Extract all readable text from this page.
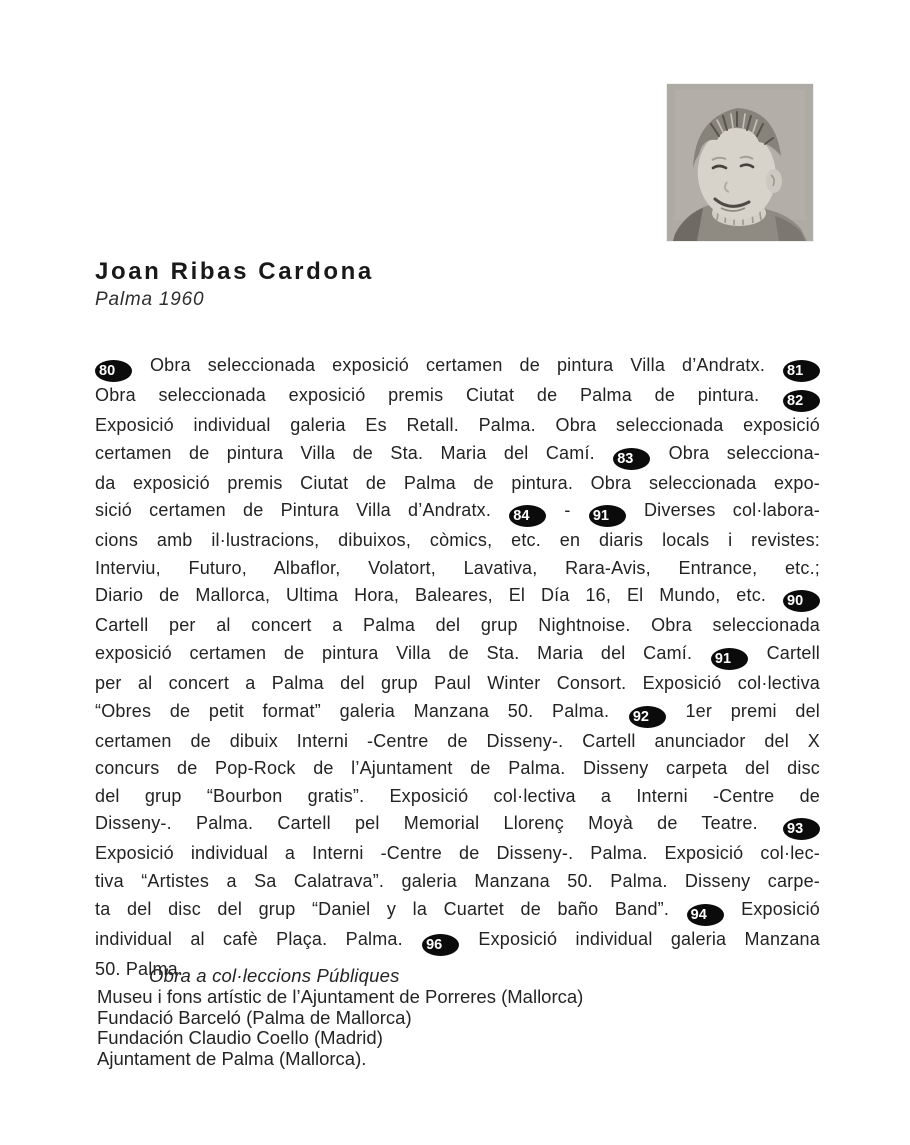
Joan Ribas Cardona
Palma 1960
80 Obra seleccionada exposició certamen de pintura Villa d’Andratx. 81
Obra seleccionada exposició premis Ciutat de Palma de pintura. 82
Exposició individual galeria Es Retall. Palma. Obra seleccionada exposició
certamen de pintura Villa de Sta. Maria del Camí. 83 Obra selecciona-
da exposició premis Ciutat de Palma de pintura. Obra seleccionada expo-
sició certamen de Pintura Villa d’Andratx. 84 - 91 Diverses col·labora-
cions amb il·lustracions, dibuixos, còmics, etc. en diaris locals i revistes:
Interviu, Futuro, Albaflor, Volatort, Lavativa, Rara-Avis, Entrance, etc.;
Diario de Mallorca, Ultima Hora, Baleares, El Día 16, El Mundo, etc. 90
Cartell per al concert a Palma del grup Nightnoise. Obra seleccionada
exposició certamen de pintura Villa de Sta. Maria del Camí. 91 Cartell
per al concert a Palma del grup Paul Winter Consort. Exposició col·lectiva
“Obres de petit format” galeria Manzana 50. Palma. 92 1er premi del
certamen de dibuix Interni -Centre de Disseny-. Cartell anunciador del X
concurs de Pop-Rock de l’Ajuntament de Palma. Disseny carpeta del disc
del grup “Bourbon gratis”. Exposició col·lectiva a Interni -Centre de
Disseny-. Palma. Cartell pel Memorial Llorenç Moyà de Teatre. 93
Exposició individual a Interni -Centre de Disseny-. Palma. Exposició col·lec-
tiva “Artistes a Sa Calatrava”. galeria Manzana 50. Palma. Disseny carpe-
ta del disc del grup “Daniel y la Cuartet de baño Band”. 94 Exposició
individual al cafè Plaça. Palma. 96 Exposició individual galeria Manzana
50. Palma.
Obra a col·leccions Públiques
Museu i fons artístic de l’Ajuntament de Porreres (Mallorca)
Fundació Barceló (Palma de Mallorca)
Fundación Claudio Coello (Madrid)
Ajuntament de Palma (Mallorca).
